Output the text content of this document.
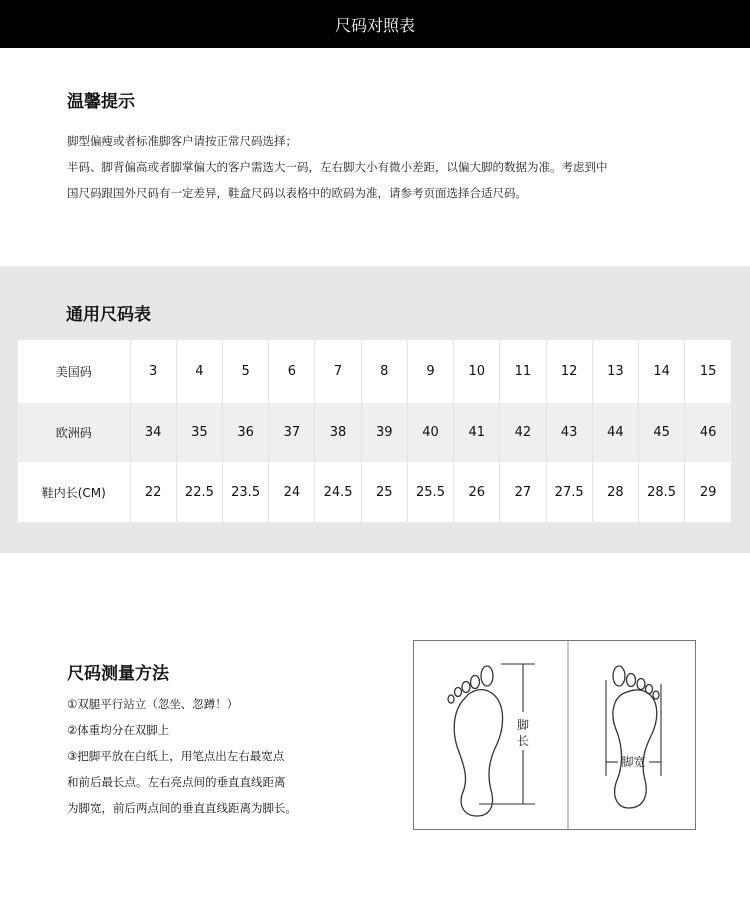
尺码对照表
温馨提示
脚型偏瘦或者标准脚客户请按正常尺码选择；
半码、脚背偏高或者脚掌偏大的客户需选大一码，左右脚大小有微小差距，以偏大脚的数据为准。考虑到中
国尺码跟国外尺码有一定差异，鞋盒尺码以表格中的欧码为准，请参考页面选择合适尺码。
通用尺码表
美国码	3	4	5	6	7	8	9	10	11	12	13	14	15
欧洲码	34	35	36	37	38	39	40	41	42	43	44	45	46
鞋内长(CM)	22	22.5	23.5	24	24.5	25	25.5	26	27	27.5	28	28.5	29
尺码测量方法
①双腿平行站立（忽坐、忽蹲！）
②体重均分在双脚上
③把脚平放在白纸上，用笔点出左右最宽点
和前后最长点。左右亮点间的垂直直线距离
为脚宽，前后两点间的垂直直线距离为脚长。
脚
长
脚宽
